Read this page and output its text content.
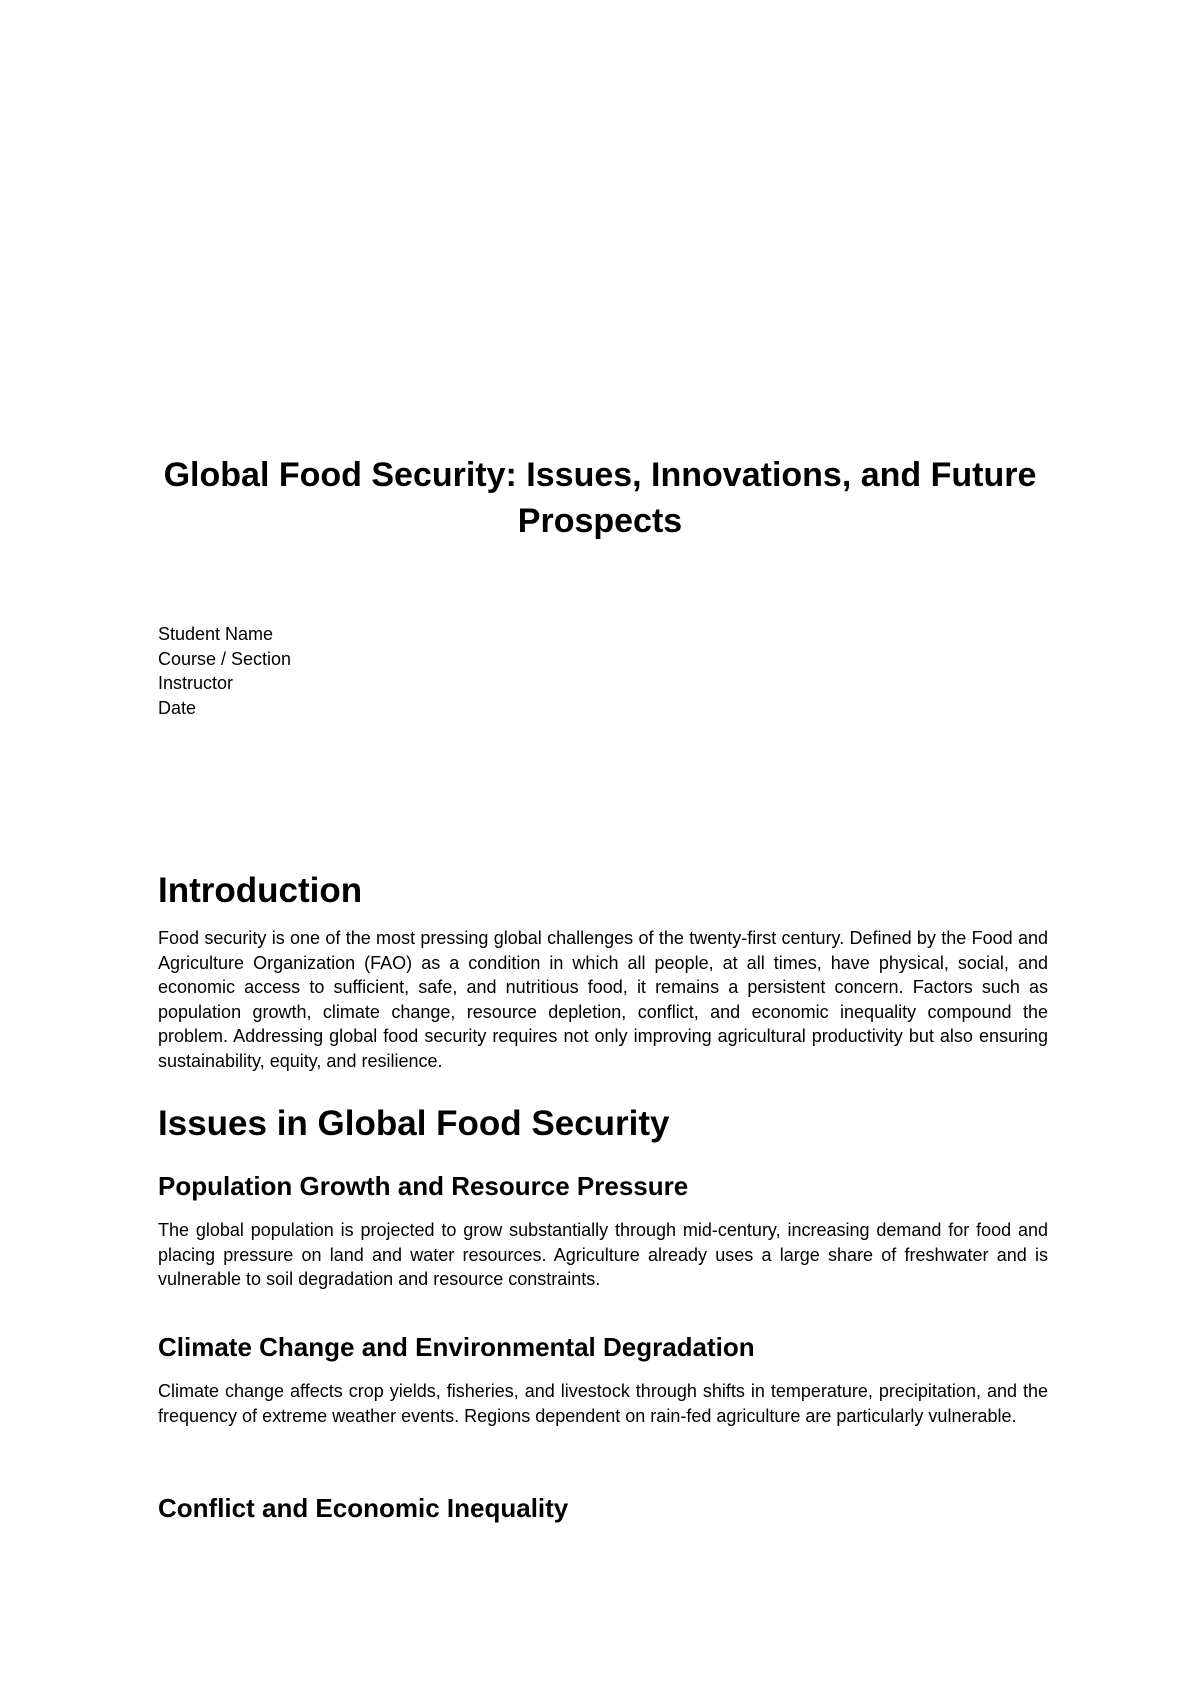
Global Food Security: Issues, Innovations, and Future Prospects
Student Name
Course / Section
Instructor
Date
Introduction

Food security is one of the most pressing global challenges of the twenty-first century. Defined by the Food and Agriculture Organization (FAO) as a condition in which all people, at all times, have physical, social, and economic access to sufficient, safe, and nutritious food, it remains a persistent concern. Factors such as population growth, climate change, resource depletion, conflict, and economic inequality compound the problem. Addressing global food security requires not only improving agricultural productivity but also ensuring sustainability, equity, and resilience.

Issues in Global Food Security
Population Growth and Resource Pressure

The global population is projected to grow substantially through mid-century, increasing demand for food and placing pressure on land and water resources. Agriculture already uses a large share of freshwater and is vulnerable to soil degradation and resource constraints.

Climate Change and Environmental Degradation

Climate change affects crop yields, fisheries, and livestock through shifts in temperature, precipitation, and the frequency of extreme weather events. Regions dependent on rain-fed agriculture are particularly vulnerable.

Conflict and Economic Inequality
